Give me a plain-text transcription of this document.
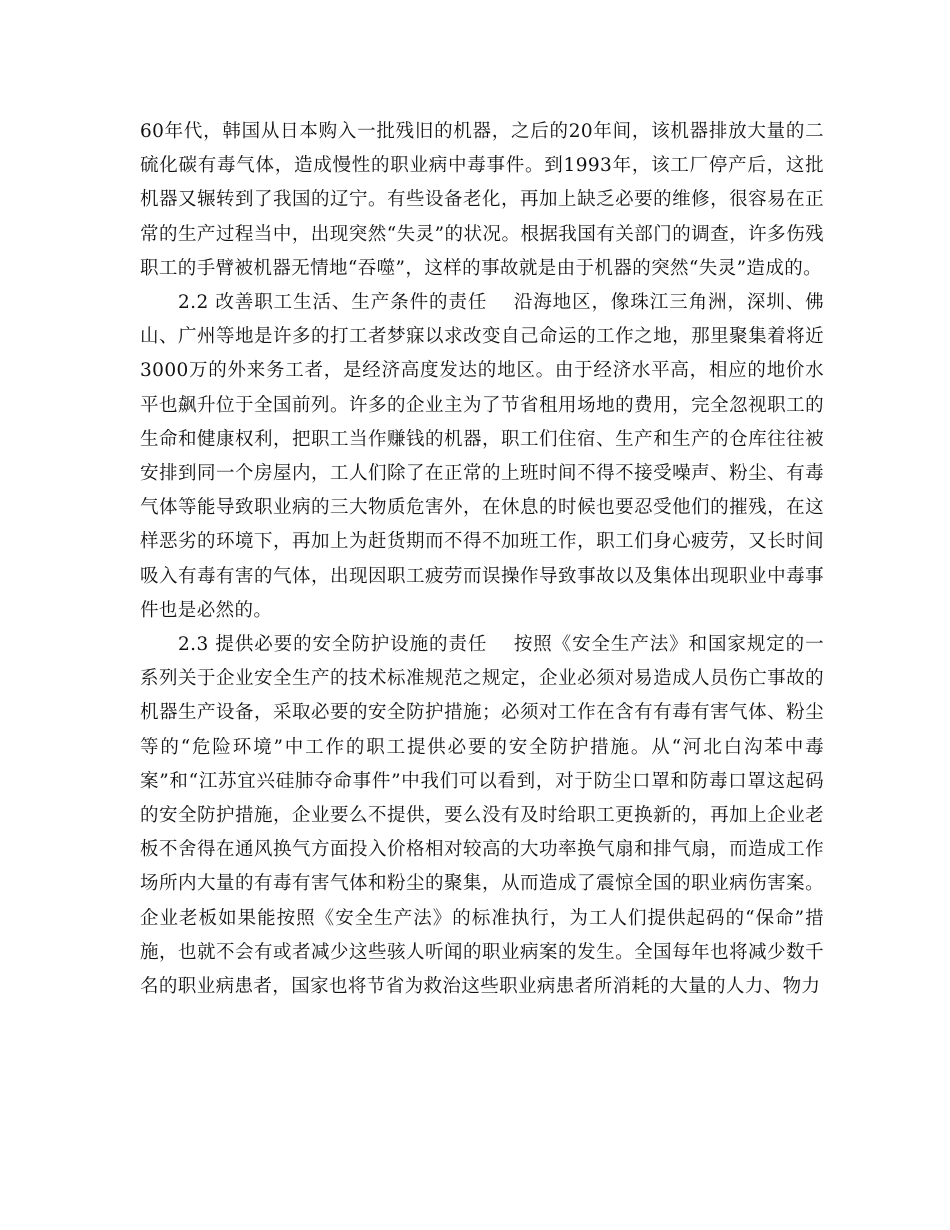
60年代，韩国从日本购入一批残旧的机器，之后的20年间，该机器排放大量的二硫化碳有毒气体，造成慢性的职业病中毒事件。到1993年，该工厂停产后，这批机器又辗转到了我国的辽宁。有些设备老化，再加上缺乏必要的维修，很容易在正常的生产过程当中，出现突然“失灵”的状况。根据我国有关部门的调查，许多伤残职工的手臂被机器无情地“吞噬”，这样的事故就是由于机器的突然“失灵”造成的。

2.2 改善职工生活、生产条件的责任 沿海地区，像珠江三角洲，深圳、佛山、广州等地是许多的打工者梦寐以求改变自己命运的工作之地，那里聚集着将近3000万的外来务工者，是经济高度发达的地区。由于经济水平高，相应的地价水平也飙升位于全国前列。许多的企业主为了节省租用场地的费用，完全忽视职工的生命和健康权利，把职工当作赚钱的机器，职工们住宿、生产和生产的仓库往往被安排到同一个房屋内，工人们除了在正常的上班时间不得不接受噪声、粉尘、有毒气体等能导致职业病的三大物质危害外，在休息的时候也要忍受他们的摧残，在这样恶劣的环境下，再加上为赶货期而不得不加班工作，职工们身心疲劳，又长时间吸入有毒有害的气体，出现因职工疲劳而误操作导致事故以及集体出现职业中毒事件也是必然的。

2.3 提供必要的安全防护设施的责任 按照《安全生产法》和国家规定的一系列关于企业安全生产的技术标准规范之规定，企业必须对易造成人员伤亡事故的机器生产设备，采取必要的安全防护措施；必须对工作在含有有毒有害气体、粉尘等的“危险环境”中工作的职工提供必要的安全防护措施。从“河北白沟苯中毒案”和“江苏宜兴硅肺夺命事件”中我们可以看到，对于防尘口罩和防毒口罩这起码的安全防护措施，企业要么不提供，要么没有及时给职工更换新的，再加上企业老板不舍得在通风换气方面投入价格相对较高的大功率换气扇和排气扇，而造成工作场所内大量的有毒有害气体和粉尘的聚集，从而造成了震惊全国的职业病伤害案。企业老板如果能按照《安全生产法》的标准执行，为工人们提供起码的“保命”措施，也就不会有或者减少这些骇人听闻的职业病案的发生。全国每年也将减少数千名的职业病患者，国家也将节省为救治这些职业病患者所消耗的大量的人力、物力
